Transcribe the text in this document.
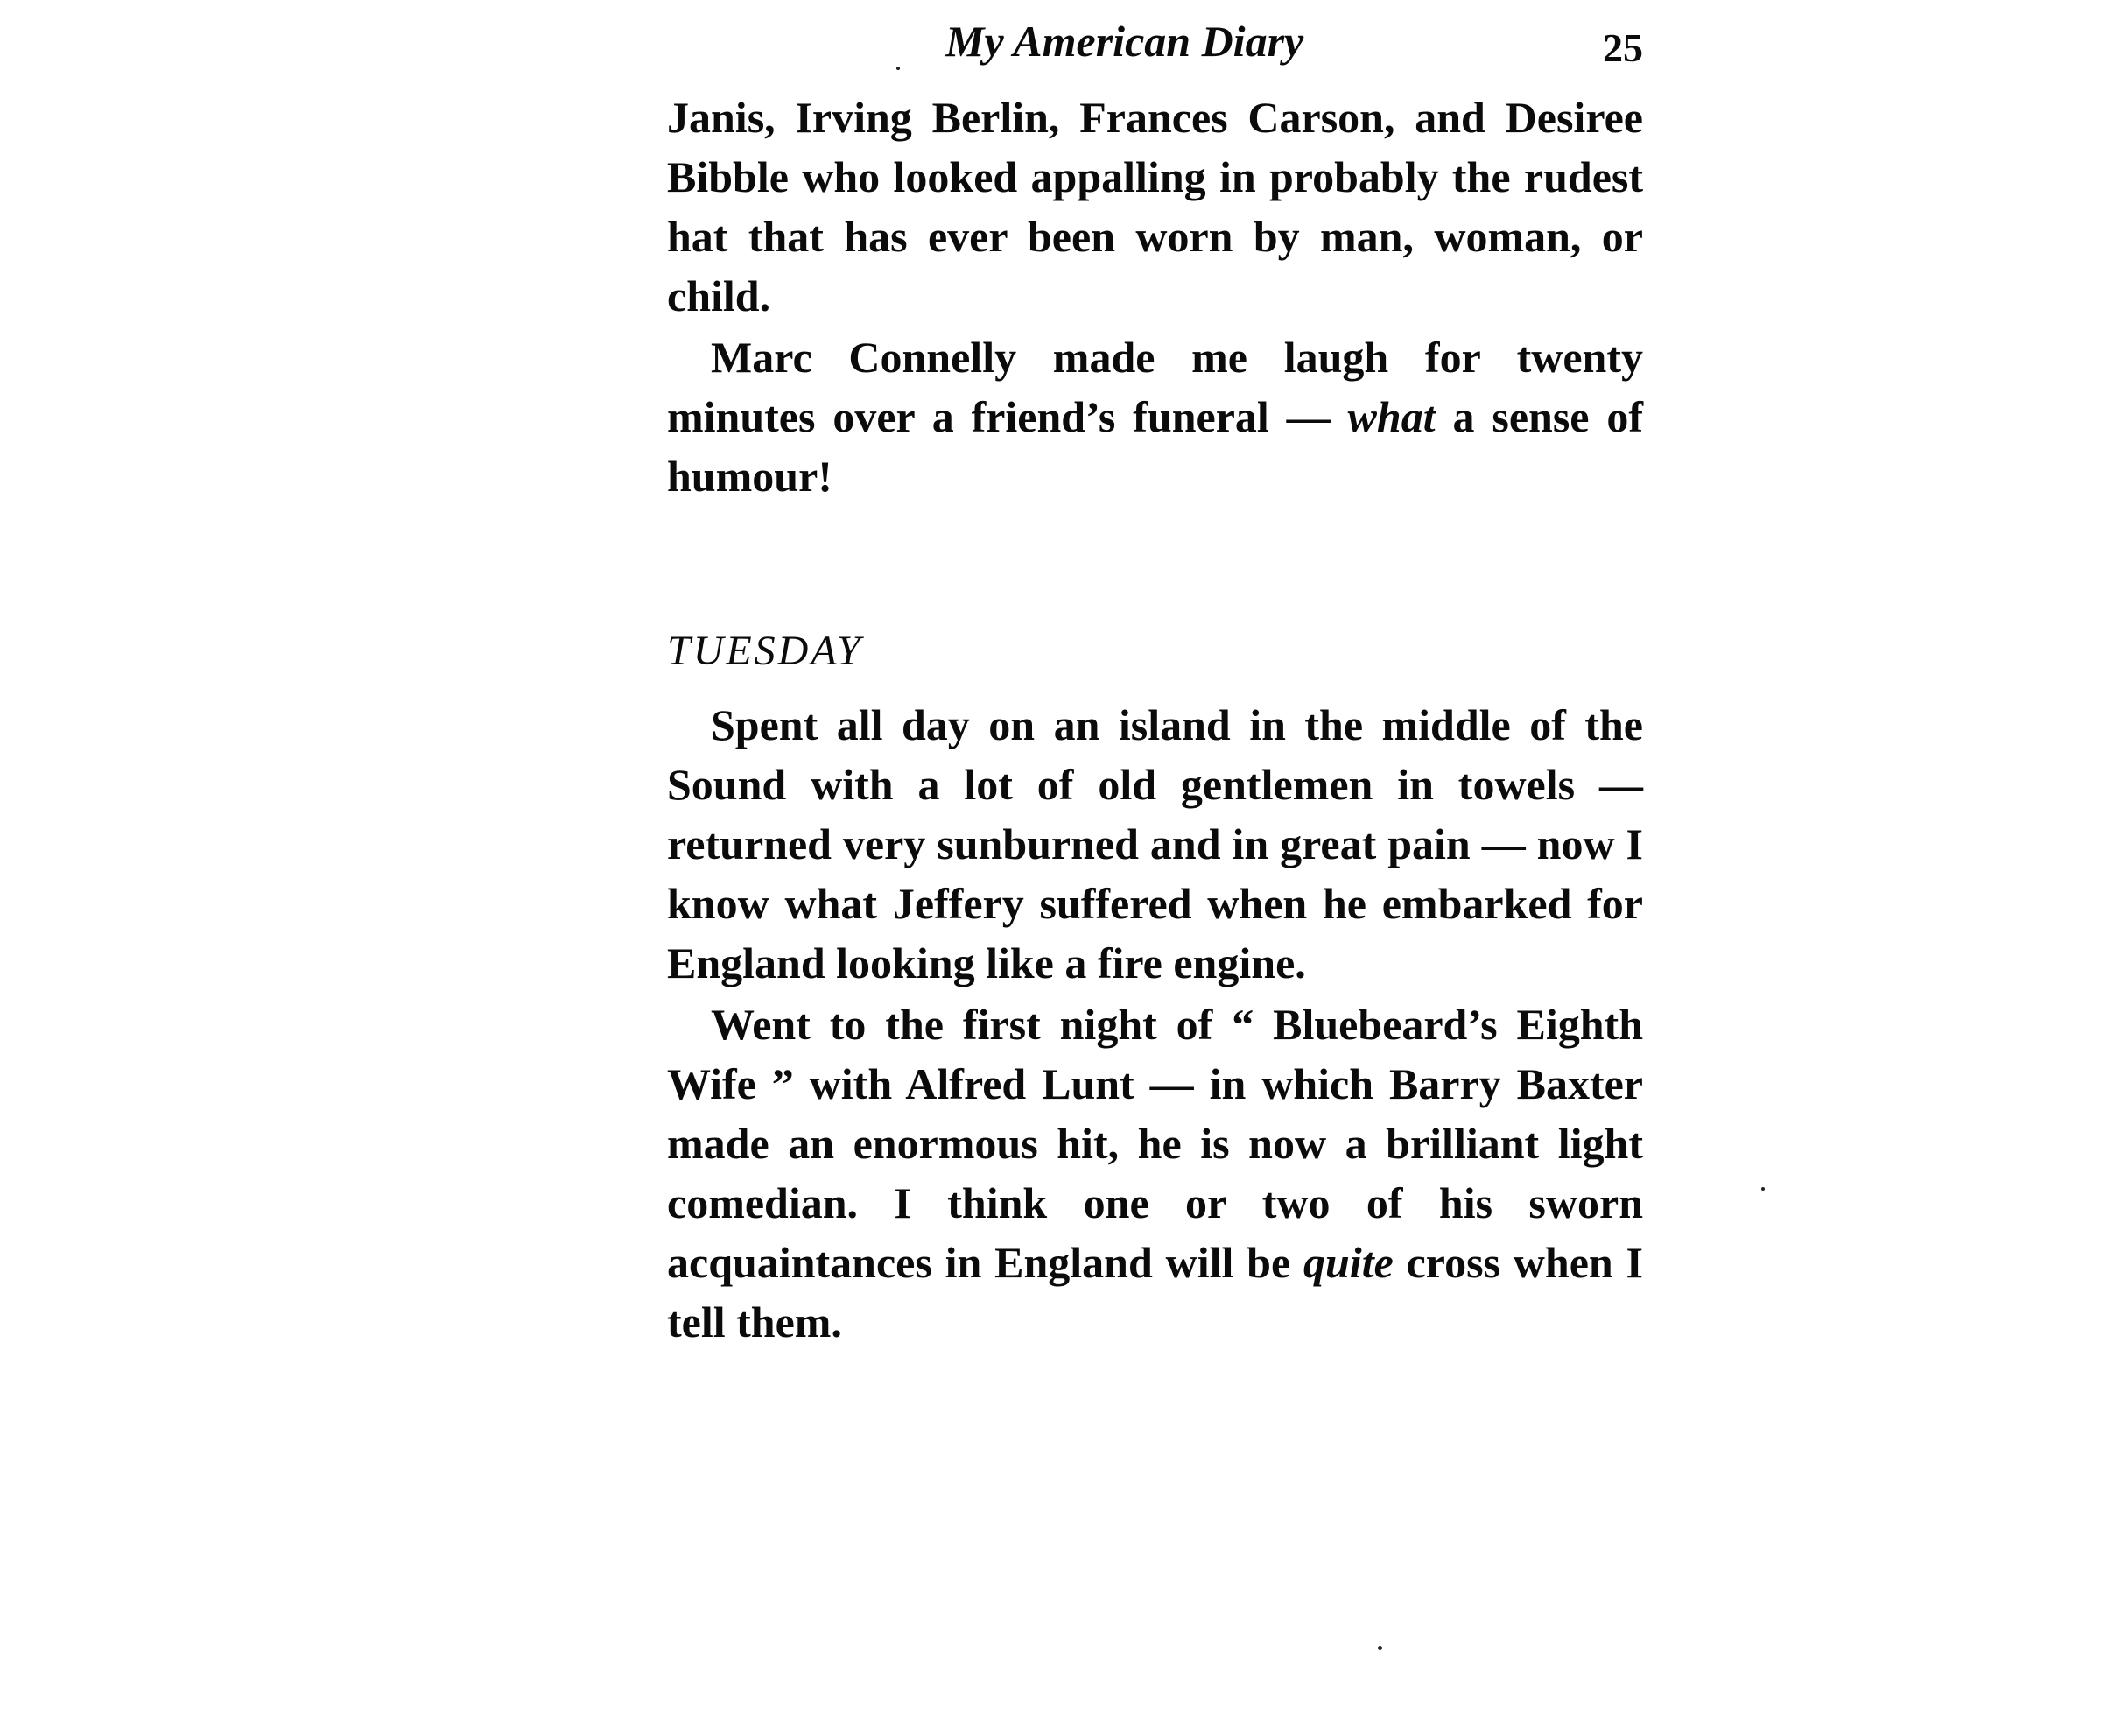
My American Diary	25

Janis, Irving Berlin, Frances Carson, and Desiree Bibble who looked appalling in probably the rudest hat that has ever been worn by man, woman, or child.

Marc Connelly made me laugh for twenty minutes over a friend’s funeral — what a sense of humour!

TUESDAY

Spent all day on an island in the middle of the Sound with a lot of old gentlemen in towels — returned very sunburned and in great pain — now I know what Jeffery suffered when he embarked for England looking like a fire engine.

Went to the first night of “ Bluebeard’s Eighth Wife ” with Alfred Lunt — in which Barry Baxter made an enormous hit, he is now a brilliant light comedian. I think one or two of his sworn acquaintances in England will be quite cross when I tell them.
